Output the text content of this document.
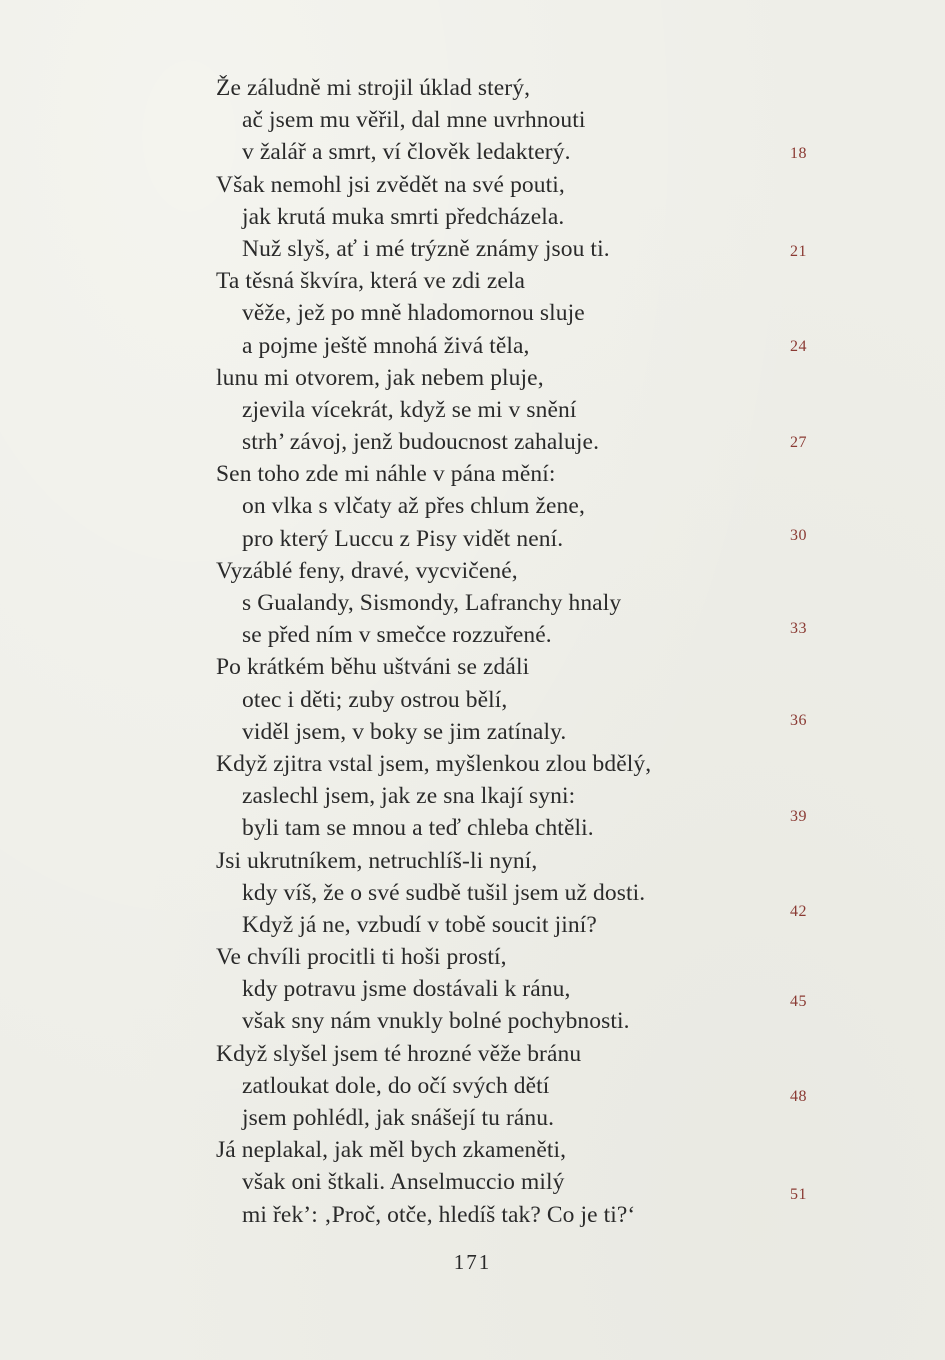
Že záludně mi strojil úklad sterý,
ač jsem mu věřil, dal mne uvrhnouti
v žalář a smrt, ví člověk ledakterý.
Však nemohl jsi zvědět na své pouti,
jak krutá muka smrti předcházela.
Nuž slyš, ať i mé trýzně známy jsou ti.
Ta těsná škvíra, která ve zdi zela
věže, jež po mně hladomornou sluje
a pojme ještě mnohá živá těla,
lunu mi otvorem, jak nebem pluje,
zjevila vícekrát, když se mi v snění
strh’ závoj, jenž budoucnost zahaluje.
Sen toho zde mi náhle v pána mění:
on vlka s vlčaty až přes chlum žene,
pro který Luccu z Pisy vidět není.
Vyzáblé feny, dravé, vycvičené,
s Gualandy, Sismondy, Lafranchy hnaly
se před ním v smečce rozzuřené.
Po krátkém běhu uštváni se zdáli
otec i děti; zuby ostrou bělí,
viděl jsem, v boky se jim zatínaly.
Když zjitra vstal jsem, myšlenkou zlou bdělý,
zaslechl jsem, jak ze sna lkají syni:
byli tam se mnou a teď chleba chtěli.
Jsi ukrutníkem, netruchlíš-li nyní,
kdy víš, že o své sudbě tušil jsem už dosti.
Když já ne, vzbudí v tobě soucit jiní?
Ve chvíli procitli ti hoši prostí,
kdy potravu jsme dostávali k ránu,
však sny nám vnukly bolné pochybnosti.
Když slyšel jsem té hrozné věže bránu
zatloukat dole, do očí svých dětí
jsem pohlédl, jak snášejí tu ránu.
Já neplakal, jak měl bych zkameněti,
však oni štkali. Anselmuccio milý
mi řek’: ‚Proč, otče, hledíš tak? Co je ti?‘
18
21
24
27
30
33
36
39
42
45
48
51
171
